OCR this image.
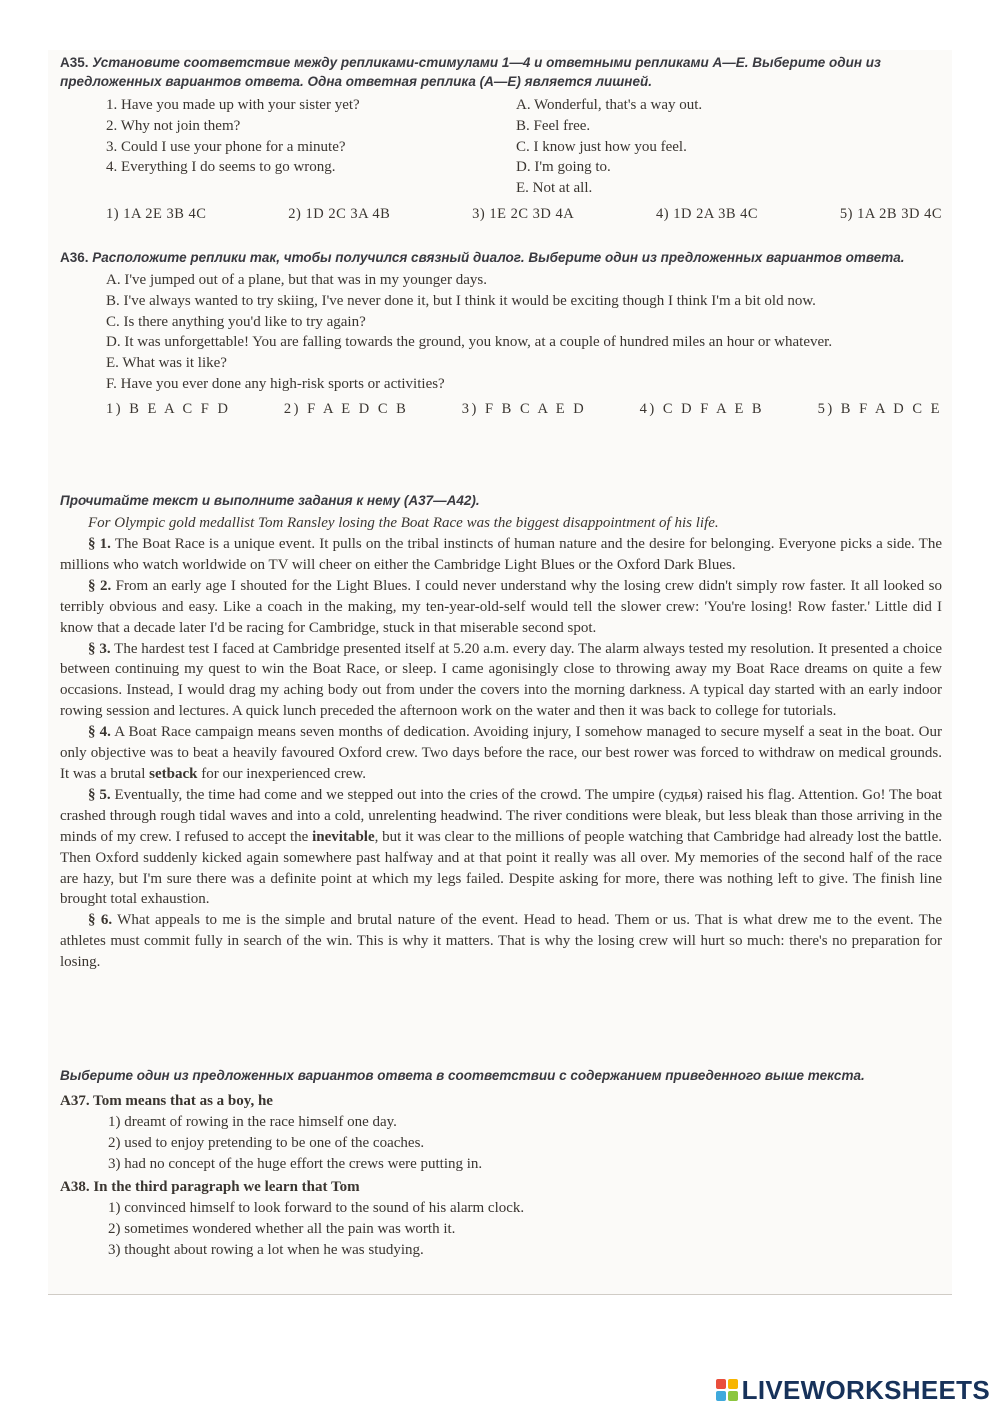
A35. Установите соответствие между репликами-стимулами 1—4 и ответными репликами А—Е. Выберите один из предложенных вариантов ответа. Одна ответная реплика (А—Е) является лишней.

1. Have you made up with your sister yet?

2. Why not join them?

3. Could I use your phone for a minute?

4. Everything I do seems to go wrong.

A. Wonderful, that's a way out.

B. Feel free.

C. I know just how you feel.

D. I'm going to.

E. Not at all.

1) 1A 2E 3B 4C	2) 1D 2C 3A 4B	3) 1E 2C 3D 4A	4) 1D 2A 3B 4C	5) 1A 2B 3D 4C

A36. Расположите реплики так, чтобы получился связный диалог. Выберите один из предложенных вариантов ответа.

A. I've jumped out of a plane, but that was in my younger days.

B. I've always wanted to try skiing, I've never done it, but I think it would be exciting though I think I'm a bit old now.

C. Is there anything you'd like to try again?

D. It was unforgettable! You are falling towards the ground, you know, at a couple of hundred miles an hour or whatever.

E. What was it like?

F. Have you ever done any high-risk sports or activities?

1) B E A C F D	2) F A E D C B	3) F B C A E D	4) C D F A E B	5) B F A D C E

Прочитайте текст и выполните задания к нему (А37—А42).

For Olympic gold medallist Tom Ransley losing the Boat Race was the biggest disappointment of his life.

§ 1. The Boat Race is a unique event. It pulls on the tribal instincts of human nature and the desire for belonging. Everyone picks a side. The millions who watch worldwide on TV will cheer on either the Cambridge Light Blues or the Oxford Dark Blues.

§ 2. From an early age I shouted for the Light Blues. I could never understand why the losing crew didn't simply row faster. It all looked so terribly obvious and easy. Like a coach in the making, my ten-year-old-self would tell the slower crew: 'You're losing! Row faster.' Little did I know that a decade later I'd be racing for Cambridge, stuck in that miserable second spot.

§ 3. The hardest test I faced at Cambridge presented itself at 5.20 a.m. every day. The alarm always tested my resolution. It presented a choice between continuing my quest to win the Boat Race, or sleep. I came agonisingly close to throwing away my Boat Race dreams on quite a few occasions. Instead, I would drag my aching body out from under the covers into the morning darkness. A typical day started with an early indoor rowing session and lectures. A quick lunch preceded the afternoon work on the water and then it was back to college for tutorials.

§ 4. A Boat Race campaign means seven months of dedication. Avoiding injury, I somehow managed to secure myself a seat in the boat. Our only objective was to beat a heavily favoured Oxford crew. Two days before the race, our best rower was forced to withdraw on medical grounds. It was a brutal setback for our inexperienced crew.

§ 5. Eventually, the time had come and we stepped out into the cries of the crowd. The umpire (судья) raised his flag. Attention. Go! The boat crashed through rough tidal waves and into a cold, unrelenting headwind. The river conditions were bleak, but less bleak than those arriving in the minds of my crew. I refused to accept the inevitable, but it was clear to the millions of people watching that Cambridge had already lost the battle. Then Oxford suddenly kicked again somewhere past halfway and at that point it really was all over. My memories of the second half of the race are hazy, but I'm sure there was a definite point at which my legs failed. Despite asking for more, there was nothing left to give. The finish line brought total exhaustion.

§ 6. What appeals to me is the simple and brutal nature of the event. Head to head. Them or us. That is what drew me to the event. The athletes must commit fully in search of the win. This is why it matters. That is why the losing crew will hurt so much: there's no preparation for losing.

Выберите один из предложенных вариантов ответа в соответствии с содержанием приведенного выше текста.

A37. Tom means that as a boy, he

1) dreamt of rowing in the race himself one day.

2) used to enjoy pretending to be one of the coaches.

3) had no concept of the huge effort the crews were putting in.

A38. In the third paragraph we learn that Tom

1) convinced himself to look forward to the sound of his alarm clock.

2) sometimes wondered whether all the pain was worth it.

3) thought about rowing a lot when he was studying.

LIVEWORKSHEETS
